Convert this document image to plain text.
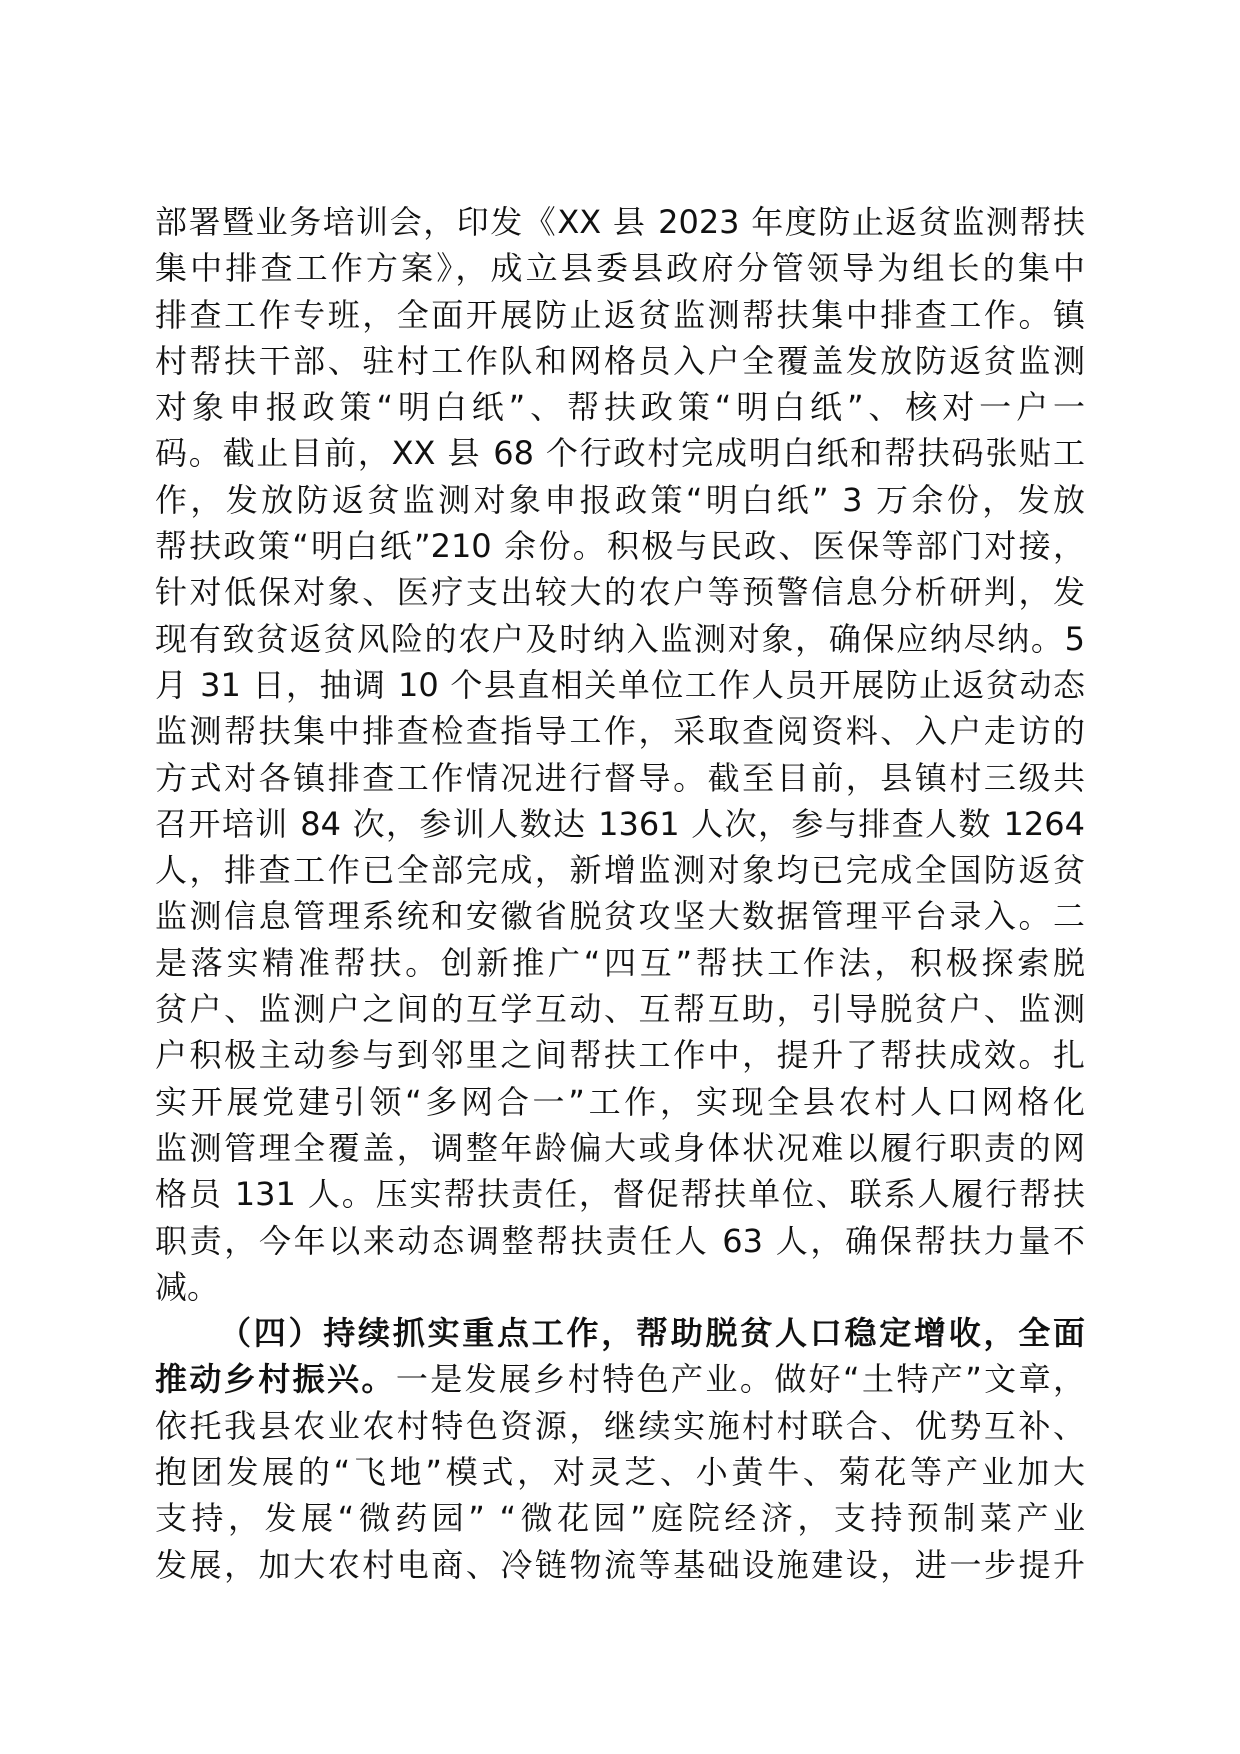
部署暨业务培训会，印发《XX 县 2023 年度防止返贫监测帮扶
集中排查工作方案》，成立县委县政府分管领导为组长的集中
排查工作专班，全面开展防止返贫监测帮扶集中排查工作。镇
村帮扶干部、驻村工作队和网格员入户全覆盖发放防返贫监测
对象申报政策“明白纸”、帮扶政策“明白纸”、核对一户一
码。截止目前，XX 县 68 个行政村完成明白纸和帮扶码张贴工
作，发放防返贫监测对象申报政策“明白纸” 3 万余份，发放
帮扶政策“明白纸”210 余份。积极与民政、医保等部门对接，
针对低保对象、医疗支出较大的农户等预警信息分析研判，发
现有致贫返贫风险的农户及时纳入监测对象，确保应纳尽纳。5
月 31 日，抽调 10 个县直相关单位工作人员开展防止返贫动态
监测帮扶集中排查检查指导工作，采取查阅资料、入户走访的
方式对各镇排查工作情况进行督导。截至目前，县镇村三级共
召开培训 84 次，参训人数达 1361 人次，参与排查人数 1264
人，排查工作已全部完成，新增监测对象均已完成全国防返贫
监测信息管理系统和安徽省脱贫攻坚大数据管理平台录入。二
是落实精准帮扶。创新推广“四互”帮扶工作法，积极探索脱
贫户、监测户之间的互学互动、互帮互助，引导脱贫户、监测
户积极主动参与到邻里之间帮扶工作中，提升了帮扶成效。扎
实开展党建引领“多网合一”工作，实现全县农村人口网格化
监测管理全覆盖，调整年龄偏大或身体状况难以履行职责的网
格员 131 人。压实帮扶责任，督促帮扶单位、联系人履行帮扶
职责，今年以来动态调整帮扶责任人 63 人，确保帮扶力量不
减。
（四）持续抓实重点工作，帮助脱贫人口稳定增收，全面
推动乡村振兴。一是发展乡村特色产业。做好“土特产”文章，
依托我县农业农村特色资源，继续实施村村联合、优势互补、
抱团发展的“飞地”模式，对灵芝、小黄牛、菊花等产业加大
支持，发展“微药园” “微花园”庭院经济，支持预制菜产业
发展，加大农村电商、冷链物流等基础设施建设，进一步提升
